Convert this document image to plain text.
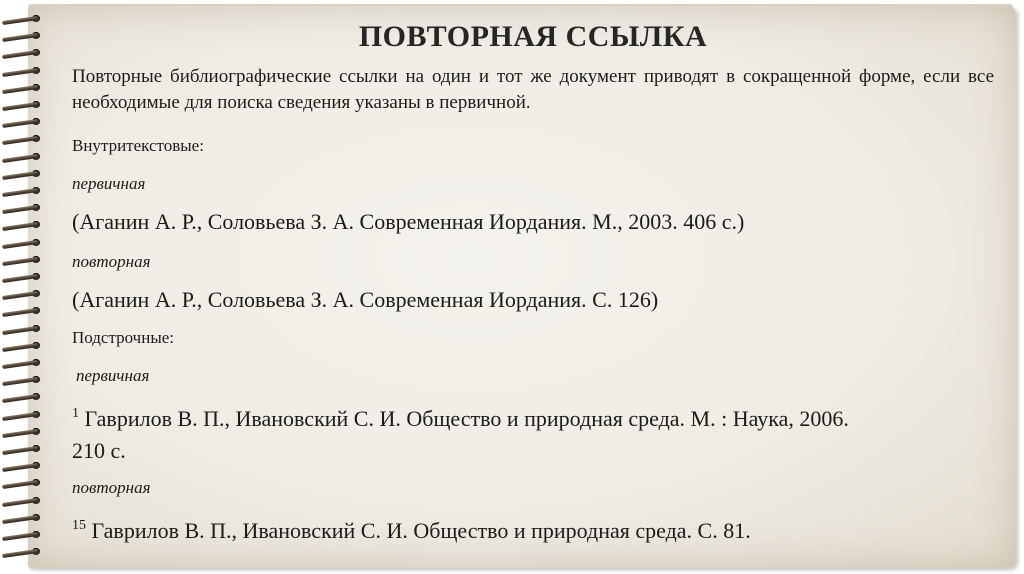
ПОВТОРНАЯ ССЫЛКА

Повторные библиографические ссылки на один и тот же документ приводят в сокращенной форме, если все необходимые для поиска сведения указаны в первичной.

Внутритекстовые:

первичная

(Аганин А. Р., Соловьева З. А. Современная Иордания. М., 2003. 406 с.)

повторная

(Аганин А. Р., Соловьева З. А. Современная Иордания. С. 126)

Подстрочные:

первичная

$^1$ Гаврилов В. П., Ивановский С. И. Общество и природная среда. М. : Наука, 2006.
210 с.

повторная

$^{15}$ Гаврилов В. П., Ивановский С. И. Общество и природная среда. С. 81.
